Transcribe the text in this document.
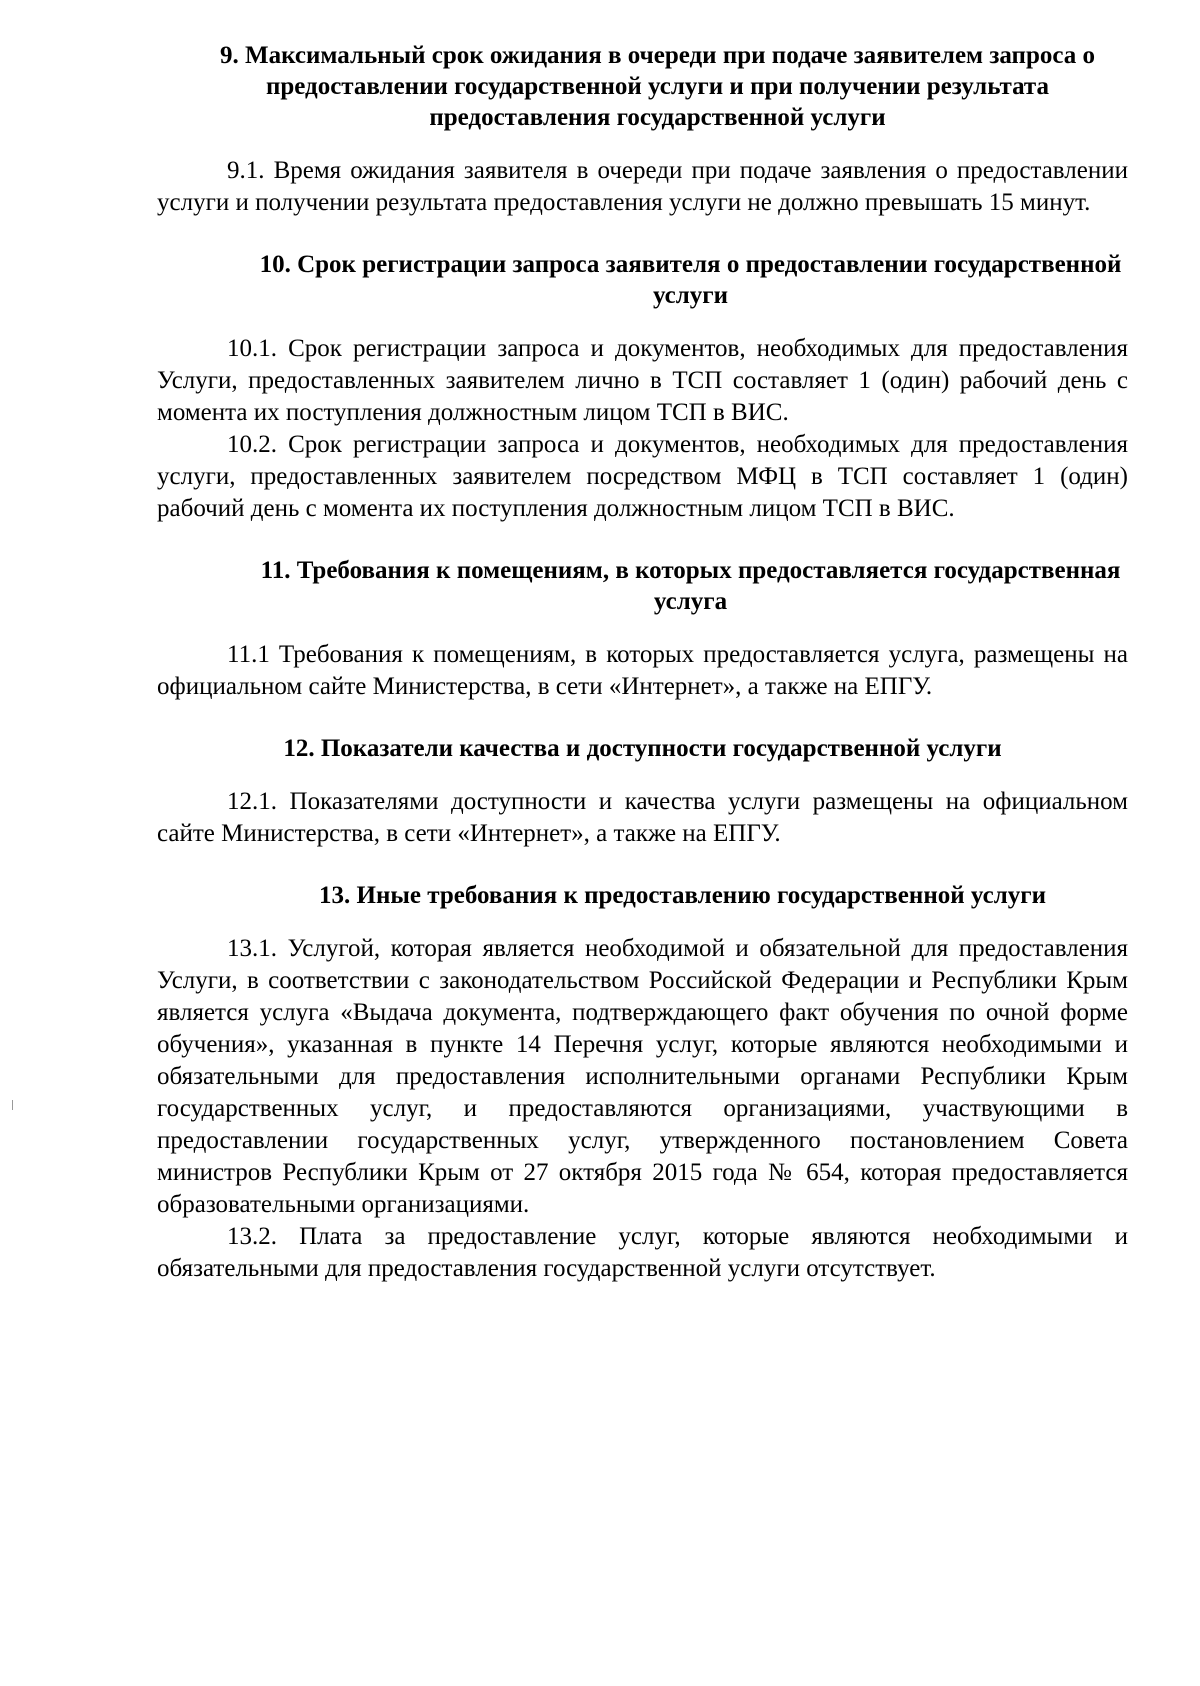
9. Максимальный срок ожидания в очереди при подаче заявителем запроса о предоставлении государственной услуги и при получении результата предоставления государственной услуги

9.1. Время ожидания заявителя в очереди при подаче заявления о предоставлении услуги и получении результата предоставления услуги не должно превышать 15 минут.

10. Срок регистрации запроса заявителя о предоставлении государственной услуги

10.1. Срок регистрации запроса и документов, необходимых для предоставления Услуги, предоставленных заявителем лично в ТСП составляет 1 (один) рабочий день с момента их поступления должностным лицом ТСП в ВИС.

10.2. Срок регистрации запроса и документов, необходимых для предоставления услуги, предоставленных заявителем посредством МФЦ в ТСП составляет 1 (один) рабочий день с момента их поступления должностным лицом ТСП в ВИС.

11. Требования к помещениям, в которых предоставляется государственная услуга

11.1 Требования к помещениям, в которых предоставляется услуга, размещены на официальном сайте Министерства, в сети «Интернет», а также на ЕПГУ.

12. Показатели качества и доступности государственной услуги

12.1. Показателями доступности и качества услуги размещены на официальном сайте Министерства, в сети «Интернет», а также на ЕПГУ.

13. Иные требования к предоставлению государственной услуги

13.1. Услугой, которая является необходимой и обязательной для предоставления Услуги, в соответствии с законодательством Российской Федерации и Республики Крым является услуга «Выдача документа, подтверждающего факт обучения по очной форме обучения», указанная в пункте 14 Перечня услуг, которые являются необходимыми и обязательными для предоставления исполнительными органами Республики Крым государственных услуг, и предоставляются организациями, участвующими в предоставлении государственных услуг, утвержденного постановлением Совета министров Республики Крым от 27 октября 2015 года № 654, которая предоставляется образовательными организациями.

13.2. Плата за предоставление услуг, которые являются необходимыми и обязательными для предоставления государственной услуги отсутствует.
